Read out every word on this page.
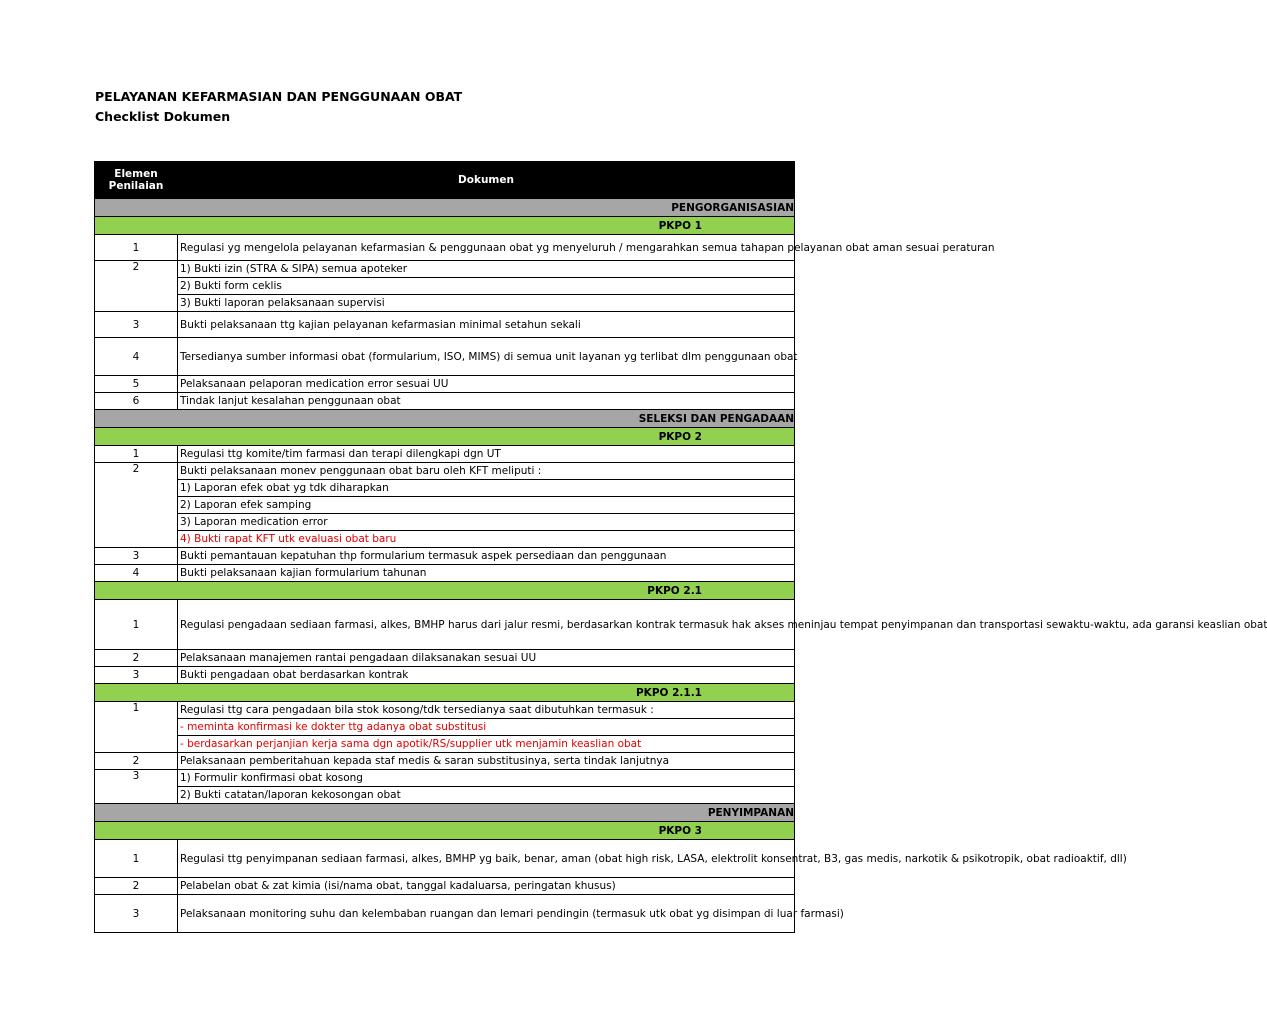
PELAYANAN KEFARMASIAN DAN PENGGUNAAN OBAT
Checklist Dokumen
Elemen Penilaian	Dokumen
PENGORGANISASIAN	
PKPO 1	
1	Regulasi yg mengelola pelayanan kefarmasian & penggunaan obat yg menyeluruh / mengarahkan semua tahapan pelayanan obat aman sesuai peraturan
2	1) Bukti izin (STRA & SIPA) semua apoteker
	2) Bukti form ceklis
	3) Bukti laporan pelaksanaan supervisi
3	Bukti pelaksanaan ttg kajian pelayanan kefarmasian minimal setahun sekali
4	Tersedianya sumber informasi obat (formularium, ISO, MIMS) di semua unit layanan yg terlibat dlm penggunaan obat
5	Pelaksanaan pelaporan medication error sesuai UU
6	Tindak lanjut kesalahan penggunaan obat
SELEKSI DAN PENGADAAN	
PKPO 2	
1	Regulasi ttg komite/tim farmasi dan terapi dilengkapi dgn UT
2	Bukti pelaksanaan monev penggunaan obat baru oleh KFT meliputi :
	1) Laporan efek obat yg tdk diharapkan
	2) Laporan efek samping
	3) Laporan medication error
	4) Bukti rapat KFT utk evaluasi obat baru
3	Bukti pemantauan kepatuhan thp formularium termasuk aspek persediaan dan penggunaan
4	Bukti pelaksanaan kajian formularium tahunan
PKPO 2.1	
1	Regulasi pengadaan sediaan farmasi, alkes, BMHP harus dari jalur resmi, berdasarkan kontrak termasuk hak akses meninjau tempat penyimpanan dan transportasi sewaktu-waktu, ada garansi keaslian obat
2	Pelaksanaan manajemen rantai pengadaan dilaksanakan sesuai UU
3	Bukti pengadaan obat berdasarkan kontrak
PKPO 2.1.1	
1	Regulasi ttg cara pengadaan bila stok kosong/tdk tersedianya saat dibutuhkan termasuk :
	- meminta konfirmasi ke dokter ttg adanya obat substitusi
	- berdasarkan perjanjian kerja sama dgn apotik/RS/supplier utk menjamin keaslian obat
2	Pelaksanaan pemberitahuan kepada staf medis & saran substitusinya, serta tindak lanjutnya
3	1) Formulir konfirmasi obat kosong
	2) Bukti catatan/laporan kekosongan obat
PENYIMPANAN	
PKPO 3	
1	Regulasi ttg penyimpanan sediaan farmasi, alkes, BMHP yg baik, benar, aman (obat high risk, LASA, elektrolit konsentrat, B3, gas medis, narkotik & psikotropik, obat radioaktif, dll)
2	Pelabelan obat & zat kimia (isi/nama obat, tanggal kadaluarsa, peringatan khusus)
3	Pelaksanaan monitoring suhu dan kelembaban ruangan dan lemari pendingin (termasuk utk obat yg disimpan di luar farmasi)
